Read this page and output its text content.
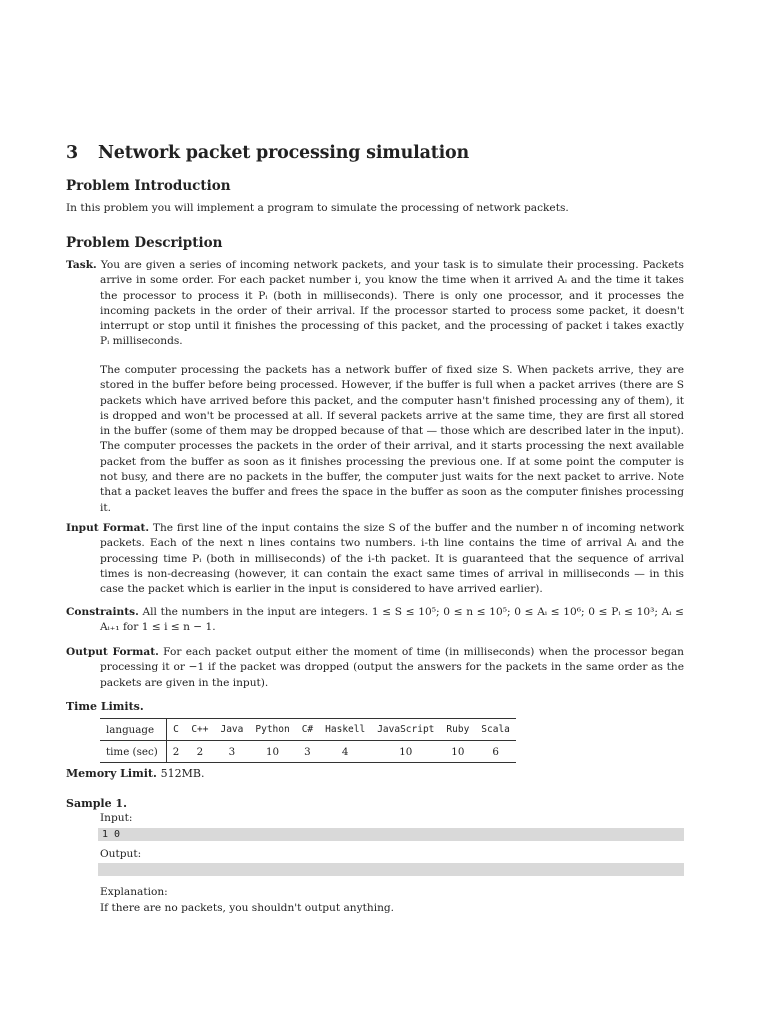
3 Network packet processing simulation
Problem Introduction

In this problem you will implement a program to simulate the processing of network packets.

Problem Description

Task. You are given a series of incoming network packets, and your task is to simulate their processing. Packets arrive in some order. For each packet number i, you know the time when it arrived Aᵢ and the time it takes the processor to process it Pᵢ (both in milliseconds). There is only one processor, and it processes the incoming packets in the order of their arrival. If the processor started to process some packet, it doesn't interrupt or stop until it finishes the processing of this packet, and the processing of packet i takes exactly Pᵢ milliseconds.

The computer processing the packets has a network buffer of fixed size S. When packets arrive, they are stored in the buffer before being processed. However, if the buffer is full when a packet arrives (there are S packets which have arrived before this packet, and the computer hasn't finished processing any of them), it is dropped and won't be processed at all. If several packets arrive at the same time, they are first all stored in the buffer (some of them may be dropped because of that — those which are described later in the input). The computer processes the packets in the order of their arrival, and it starts processing the next available packet from the buffer as soon as it finishes processing the previous one. If at some point the computer is not busy, and there are no packets in the buffer, the computer just waits for the next packet to arrive. Note that a packet leaves the buffer and frees the space in the buffer as soon as the computer finishes processing it.

Input Format. The first line of the input contains the size S of the buffer and the number n of incoming network packets. Each of the next n lines contains two numbers. i-th line contains the time of arrival Aᵢ and the processing time Pᵢ (both in milliseconds) of the i-th packet. It is guaranteed that the sequence of arrival times is non-decreasing (however, it can contain the exact same times of arrival in milliseconds — in this case the packet which is earlier in the input is considered to have arrived earlier).

Constraints. All the numbers in the input are integers. 1 ≤ S ≤ 10⁵; 0 ≤ n ≤ 10⁵; 0 ≤ Aᵢ ≤ 10⁶; 0 ≤ Pᵢ ≤ 10³; Aᵢ ≤ Aᵢ₊₁ for 1 ≤ i ≤ n − 1.

Output Format. For each packet output either the moment of time (in milliseconds) when the processor began processing it or −1 if the packet was dropped (output the answers for the packets in the same order as the packets are given in the input).

Time Limits.

language	C	C++	Java	Python	C#	Haskell	JavaScript	Ruby	Scala
time (sec)	2	2	3	10	3	4	10	10	6

Memory Limit. 512MB.

Sample 1.

Input:

1 0

Output:

Explanation:

If there are no packets, you shouldn't output anything.
